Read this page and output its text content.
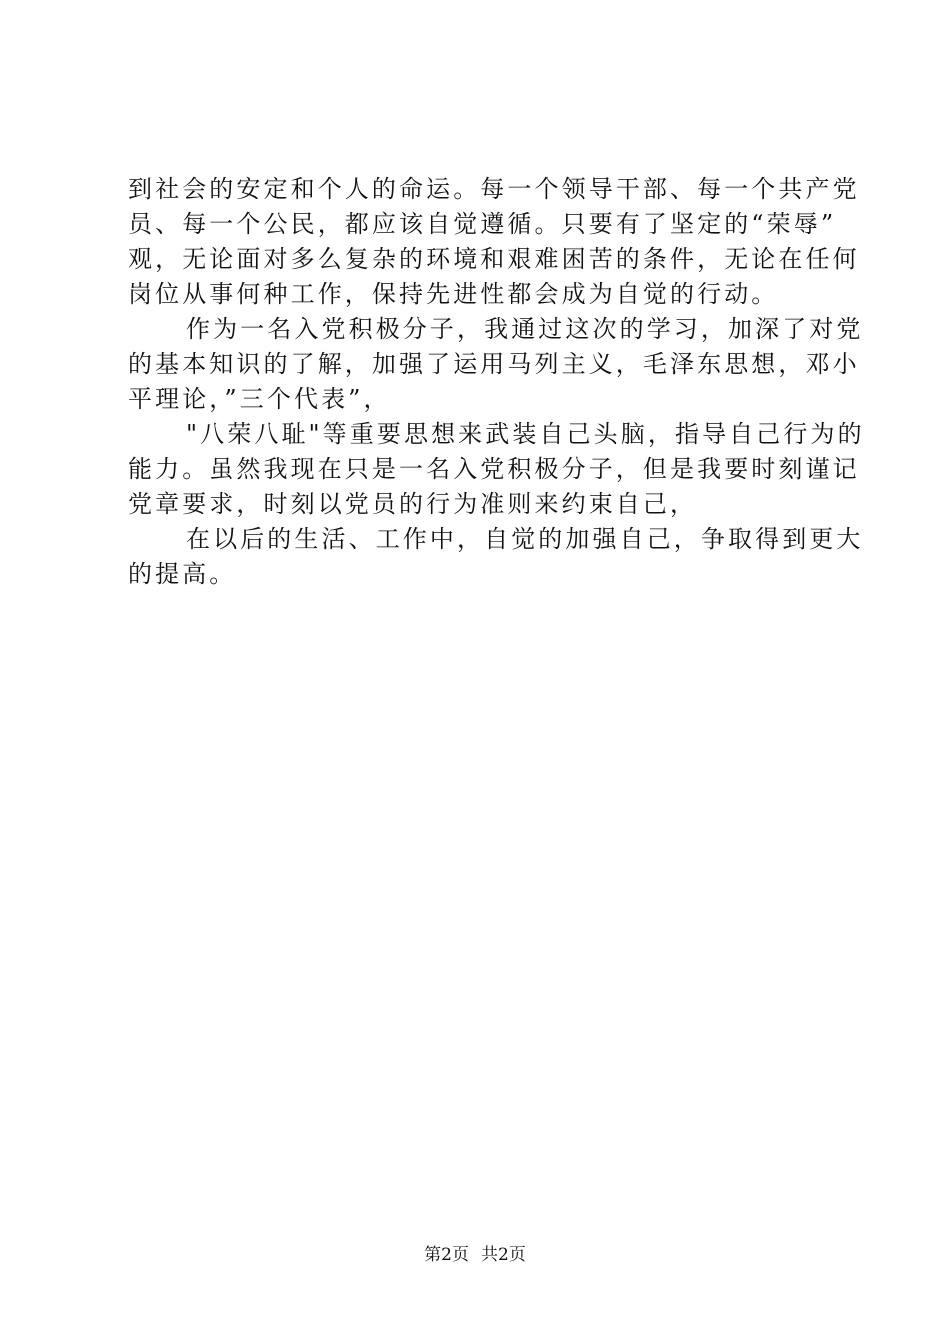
到社会的安定和个人的命运。每一个领导干部、每一个共产党
员、每一个公民，都应该自觉遵循。只要有了坚定的“荣辱”
观，无论面对多么复杂的环境和艰难困苦的条件，无论在任何
岗位从事何种工作，保持先进性都会成为自觉的行动。
作为一名入党积极分子，我通过这次的学习，加深了对党
的基本知识的了解，加强了运用马列主义，毛泽东思想，邓小
平理论，”三个代表”，
"八荣八耻"等重要思想来武装自己头脑，指导自己行为的
能力。虽然我现在只是一名入党积极分子，但是我要时刻谨记
党章要求，时刻以党员的行为准则来约束自己，
在以后的生活、工作中，自觉的加强自己，争取得到更大
的提高。
第2页 共2页
